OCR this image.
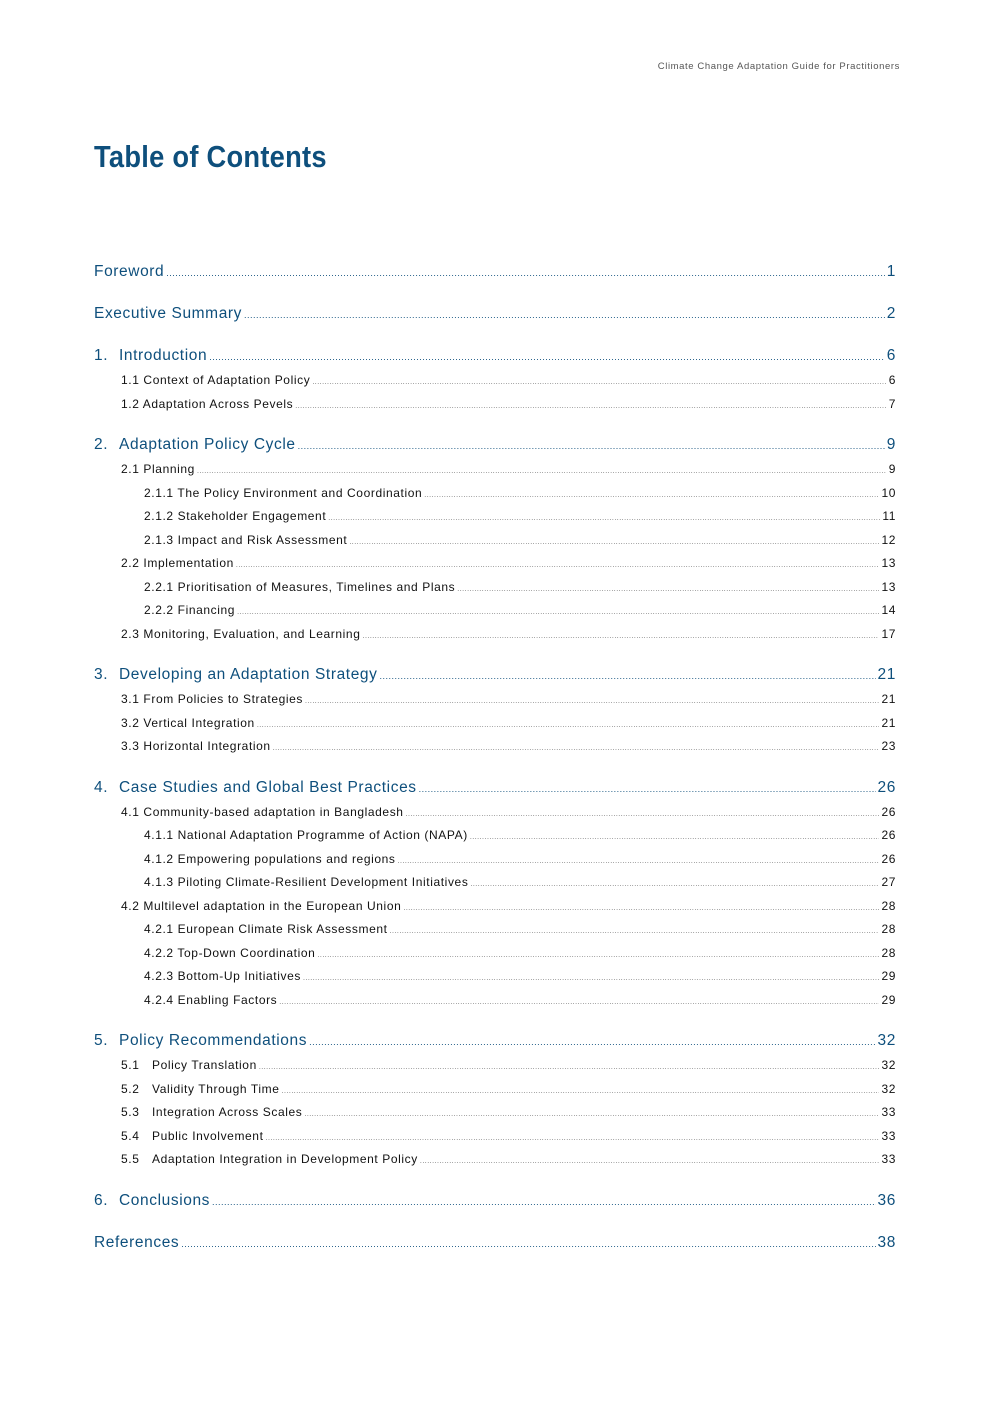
Climate Change Adaptation Guide for Practitioners
Table of Contents
Foreword .....	1
Executive Summary .....	2
1. Introduction .....	6
1.1 Context of Adaptation Policy .....	6
1.2 Adaptation Across Pevels .....	7
2. Adaptation Policy Cycle .....	9
2.1 Planning .....	9
2.1.1 The Policy Environment and Coordination .....	10
2.1.2 Stakeholder Engagement .....	11
2.1.3 Impact and Risk Assessment .....	12
2.2 Implementation .....	13
2.2.1 Prioritisation of Measures, Timelines and Plans .....	13
2.2.2 Financing .....	14
2.3 Monitoring, Evaluation, and Learning .....	17
3. Developing an Adaptation Strategy .....	21
3.1 From Policies to Strategies .....	21
3.2 Vertical Integration .....	21
3.3 Horizontal Integration .....	23
4. Case Studies and Global Best Practices .....	26
4.1 Community-based adaptation in Bangladesh .....	26
4.1.1 National Adaptation Programme of Action (NAPA) .....	26
4.1.2 Empowering populations and regions .....	26
4.1.3 Piloting Climate-Resilient Development Initiatives .....	27
4.2 Multilevel adaptation in the European Union .....	28
4.2.1 European Climate Risk Assessment .....	28
4.2.2 Top-Down Coordination .....	28
4.2.3 Bottom-Up Initiatives .....	29
4.2.4 Enabling Factors .....	29
5. Policy Recommendations .....	32
5.1 Policy Translation .....	32
5.2 Validity Through Time .....	32
5.3 Integration Across Scales .....	33
5.4 Public Involvement .....	33
5.5 Adaptation Integration in Development Policy .....	33
6. Conclusions .....	36
References .....	38
